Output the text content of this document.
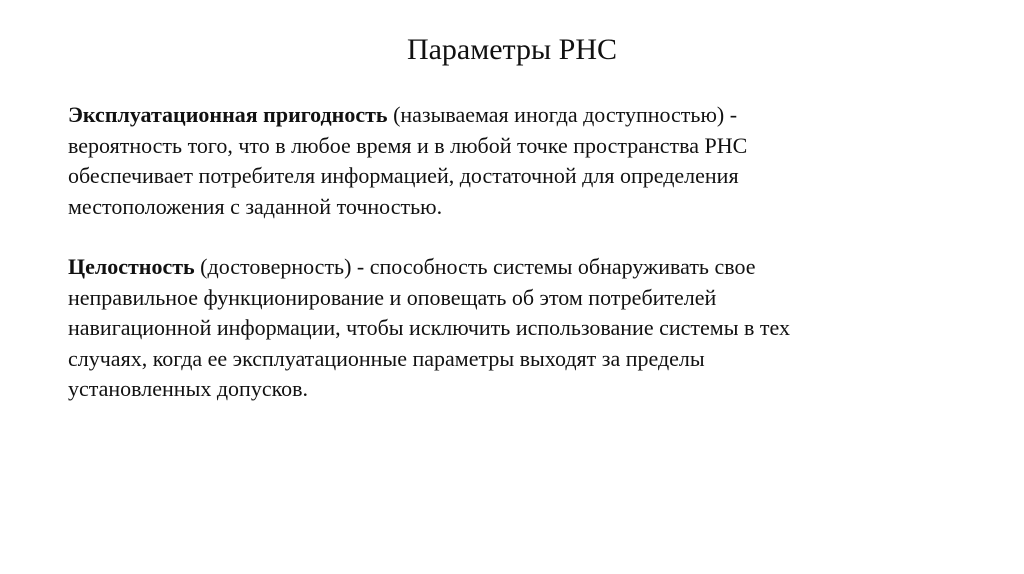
Параметры РНС
Эксплуатационная пригодность (называемая иногда доступностью) -
вероятность того, что в любое время и в любой точке пространства РНС
обеспечивает потребителя информацией, достаточной для определения
местоположения с заданной точностью.
Целостность (достоверность) - способность системы обнаруживать свое
неправильное функционирование и оповещать об этом потребителей
навигационной информации, чтобы исключить использование системы в тех
случаях, когда ее эксплуатационные параметры выходят за пределы
установленных допусков.
